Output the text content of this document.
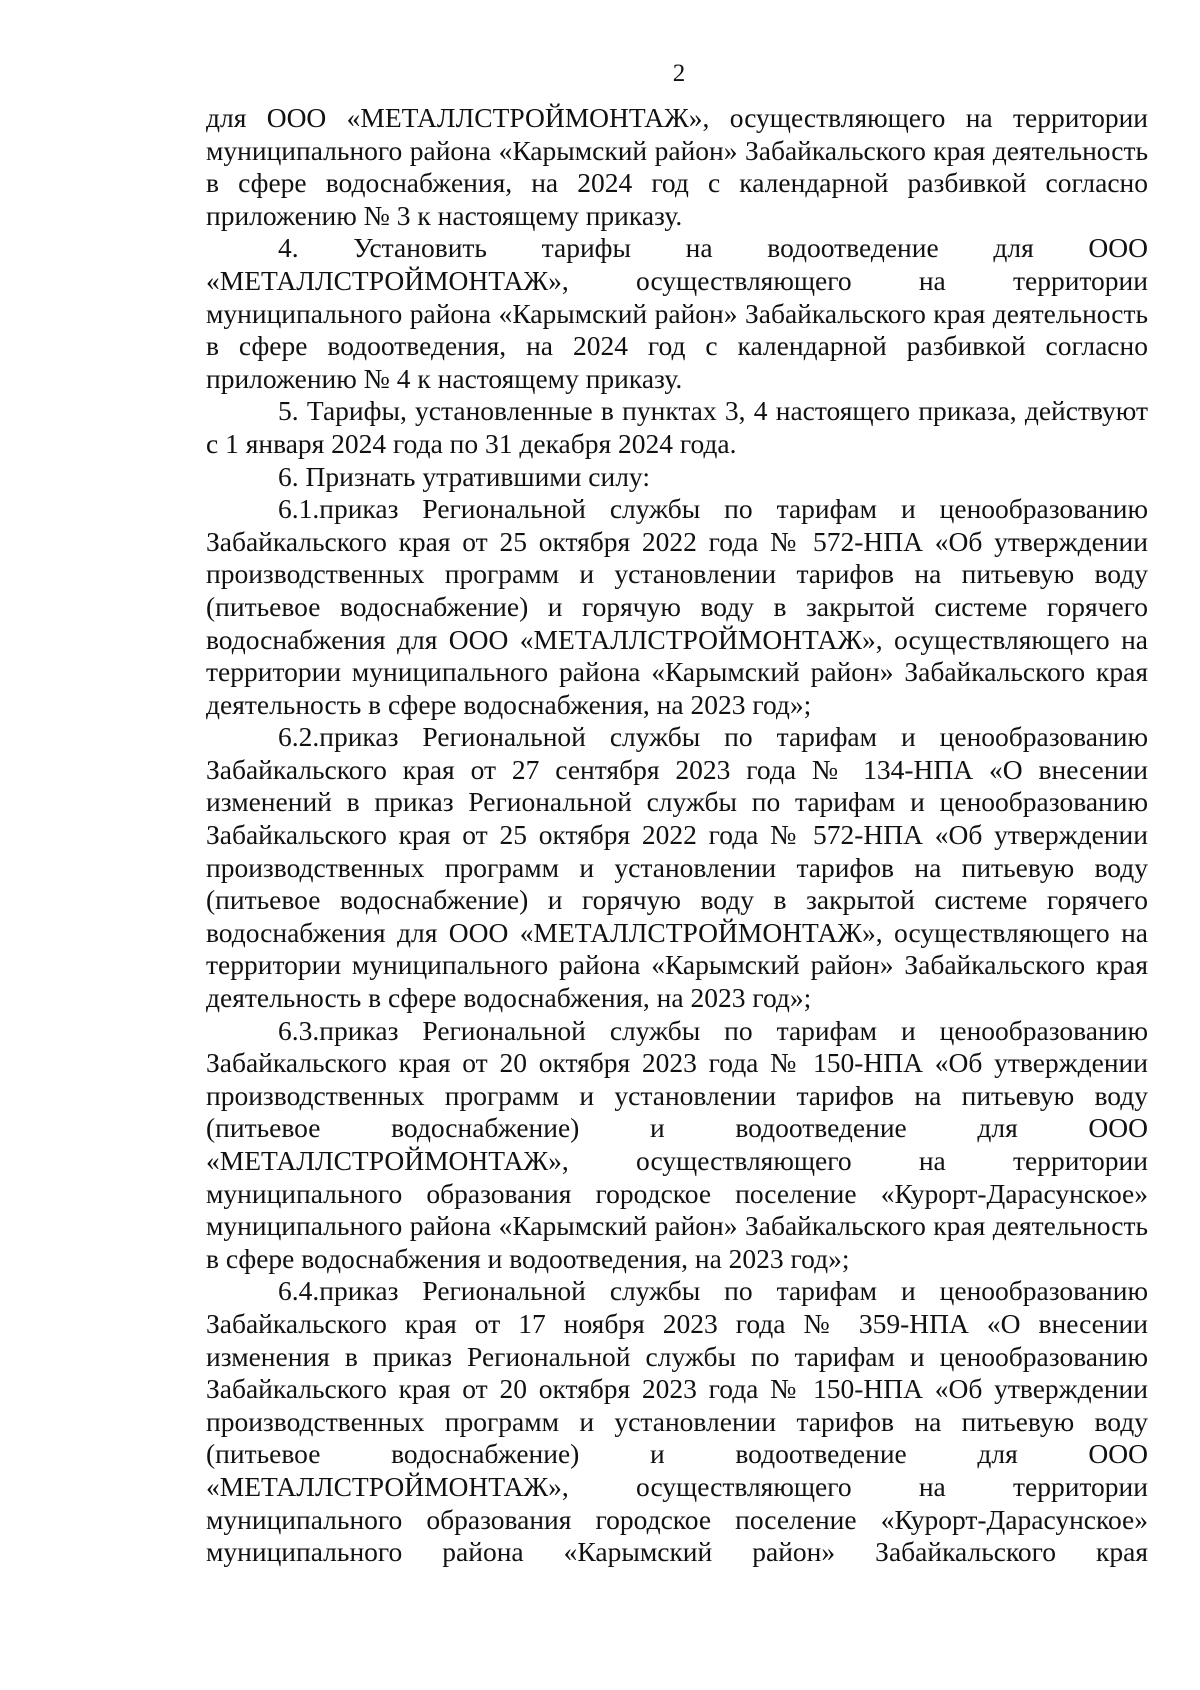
2

для ООО «МЕТАЛЛСТРОЙМОНТАЖ», осуществляющего на территории муниципального района «Карымский район» Забайкальского края деятельность в сфере водоснабжения, на 2024 год с календарной разбивкой согласно приложению № 3 к настоящему приказу.

4. Установить тарифы на водоотведение для ООО «МЕТАЛЛСТРОЙМОНТАЖ», осуществляющего на территории муниципального района «Карымский район» Забайкальского края деятельность в сфере водоотведения, на 2024 год с календарной разбивкой согласно приложению № 4 к настоящему приказу.

5. Тарифы, установленные в пунктах 3, 4 настоящего приказа, действуют с 1 января 2024 года по 31 декабря 2024 года.

6. Признать утратившими силу:

6.1.приказ Региональной службы по тарифам и ценообразованию Забайкальского края от 25 октября 2022 года № 572-НПА «Об утверждении производственных программ и установлении тарифов на питьевую воду (питьевое водоснабжение) и горячую воду в закрытой системе горячего водоснабжения для ООО «МЕТАЛЛСТРОЙМОНТАЖ», осуществляющего на территории муниципального района «Карымский район» Забайкальского края деятельность в сфере водоснабжения, на 2023 год»;

6.2.приказ Региональной службы по тарифам и ценообразованию Забайкальского края от 27 сентября 2023 года № 134-НПА «О внесении изменений в приказ Региональной службы по тарифам и ценообразованию Забайкальского края от 25 октября 2022 года № 572-НПА «Об утверждении производственных программ и установлении тарифов на питьевую воду (питьевое водоснабжение) и горячую воду в закрытой системе горячего водоснабжения для ООО «МЕТАЛЛСТРОЙМОНТАЖ», осуществляющего на территории муниципального района «Карымский район» Забайкальского края деятельность в сфере водоснабжения, на 2023 год»;

6.3.приказ Региональной службы по тарифам и ценообразованию Забайкальского края от 20 октября 2023 года № 150-НПА «Об утверждении производственных программ и установлении тарифов на питьевую воду (питьевое водоснабжение) и водоотведение для ООО «МЕТАЛЛСТРОЙМОНТАЖ», осуществляющего на территории муниципального образования городское поселение «Курорт-Дарасунское» муниципального района «Карымский район» Забайкальского края деятельность в сфере водоснабжения и водоотведения, на 2023 год»;

6.4.приказ Региональной службы по тарифам и ценообразованию Забайкальского края от 17 ноября 2023 года № 359-НПА «О внесении изменения в приказ Региональной службы по тарифам и ценообразованию Забайкальского края от 20 октября 2023 года № 150-НПА «Об утверждении производственных программ и установлении тарифов на питьевую воду (питьевое водоснабжение) и водоотведение для ООО «МЕТАЛЛСТРОЙМОНТАЖ», осуществляющего на территории муниципального образования городское поселение «Курорт-Дарасунское» муниципального района «Карымский район» Забайкальского края
